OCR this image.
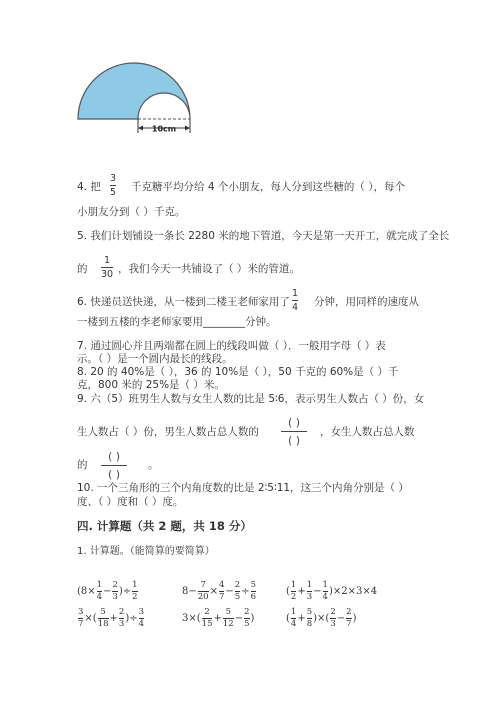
10cm
4. 把
3
5 千克糖平均分给 4 个小朋友，每人分到这些糖的（ ），每个
小朋友分到（ ）千克。
5. 我们计划铺设一条长 2280 米的地下管道，今天是第一天开工，就完成了全长
的
1
30 ，我们今天一共铺设了（ ）米的管道。
6. 快递员送快递，从一楼到二楼王老师家用了
1
4 分钟，用同样的速度从
一楼到五楼的李老师家要用________分钟。
7. 通过圆心并且两端都在圆上的线段叫做（ ）．一般用字母（ ）表
示。（ ）是一个圆内最长的线段。
8. 20 的 40%是（ ），36 的 10%是（ ），50 千克的 60%是（ ）千
克，800 米的 25%是（ ）米。
9. 六（5）班男生人数与女生人数的比是 5∶6，表示男生人数占（ ）份，女
生人数占（ ）份，男生人数占总人数的
( )
( )
，女生人数占总人数
的
( )
( )
。
10. 一个三角形的三个内角度数的比是 2∶5∶11，这三个内角分别是（ ）
度、（ ）度和（ ）度。
四. 计算题（共 2 题，共 18 分）
1. 计算题。（能简算的要简算）
(8×
1
4 −
2
3 )÷
1
2	8−
7
20 ×
4
7 −
2
5 ÷
5
6	(
1
2 +
1
3 −
1
4 )×2×3×4
3
7 ×(
5
18 +
2
3 )÷
3
4	3×(
2
15 +
5
12 −
2
5 )	(
1
4 +
5
8 )×(
2
3 −
2
7 )
